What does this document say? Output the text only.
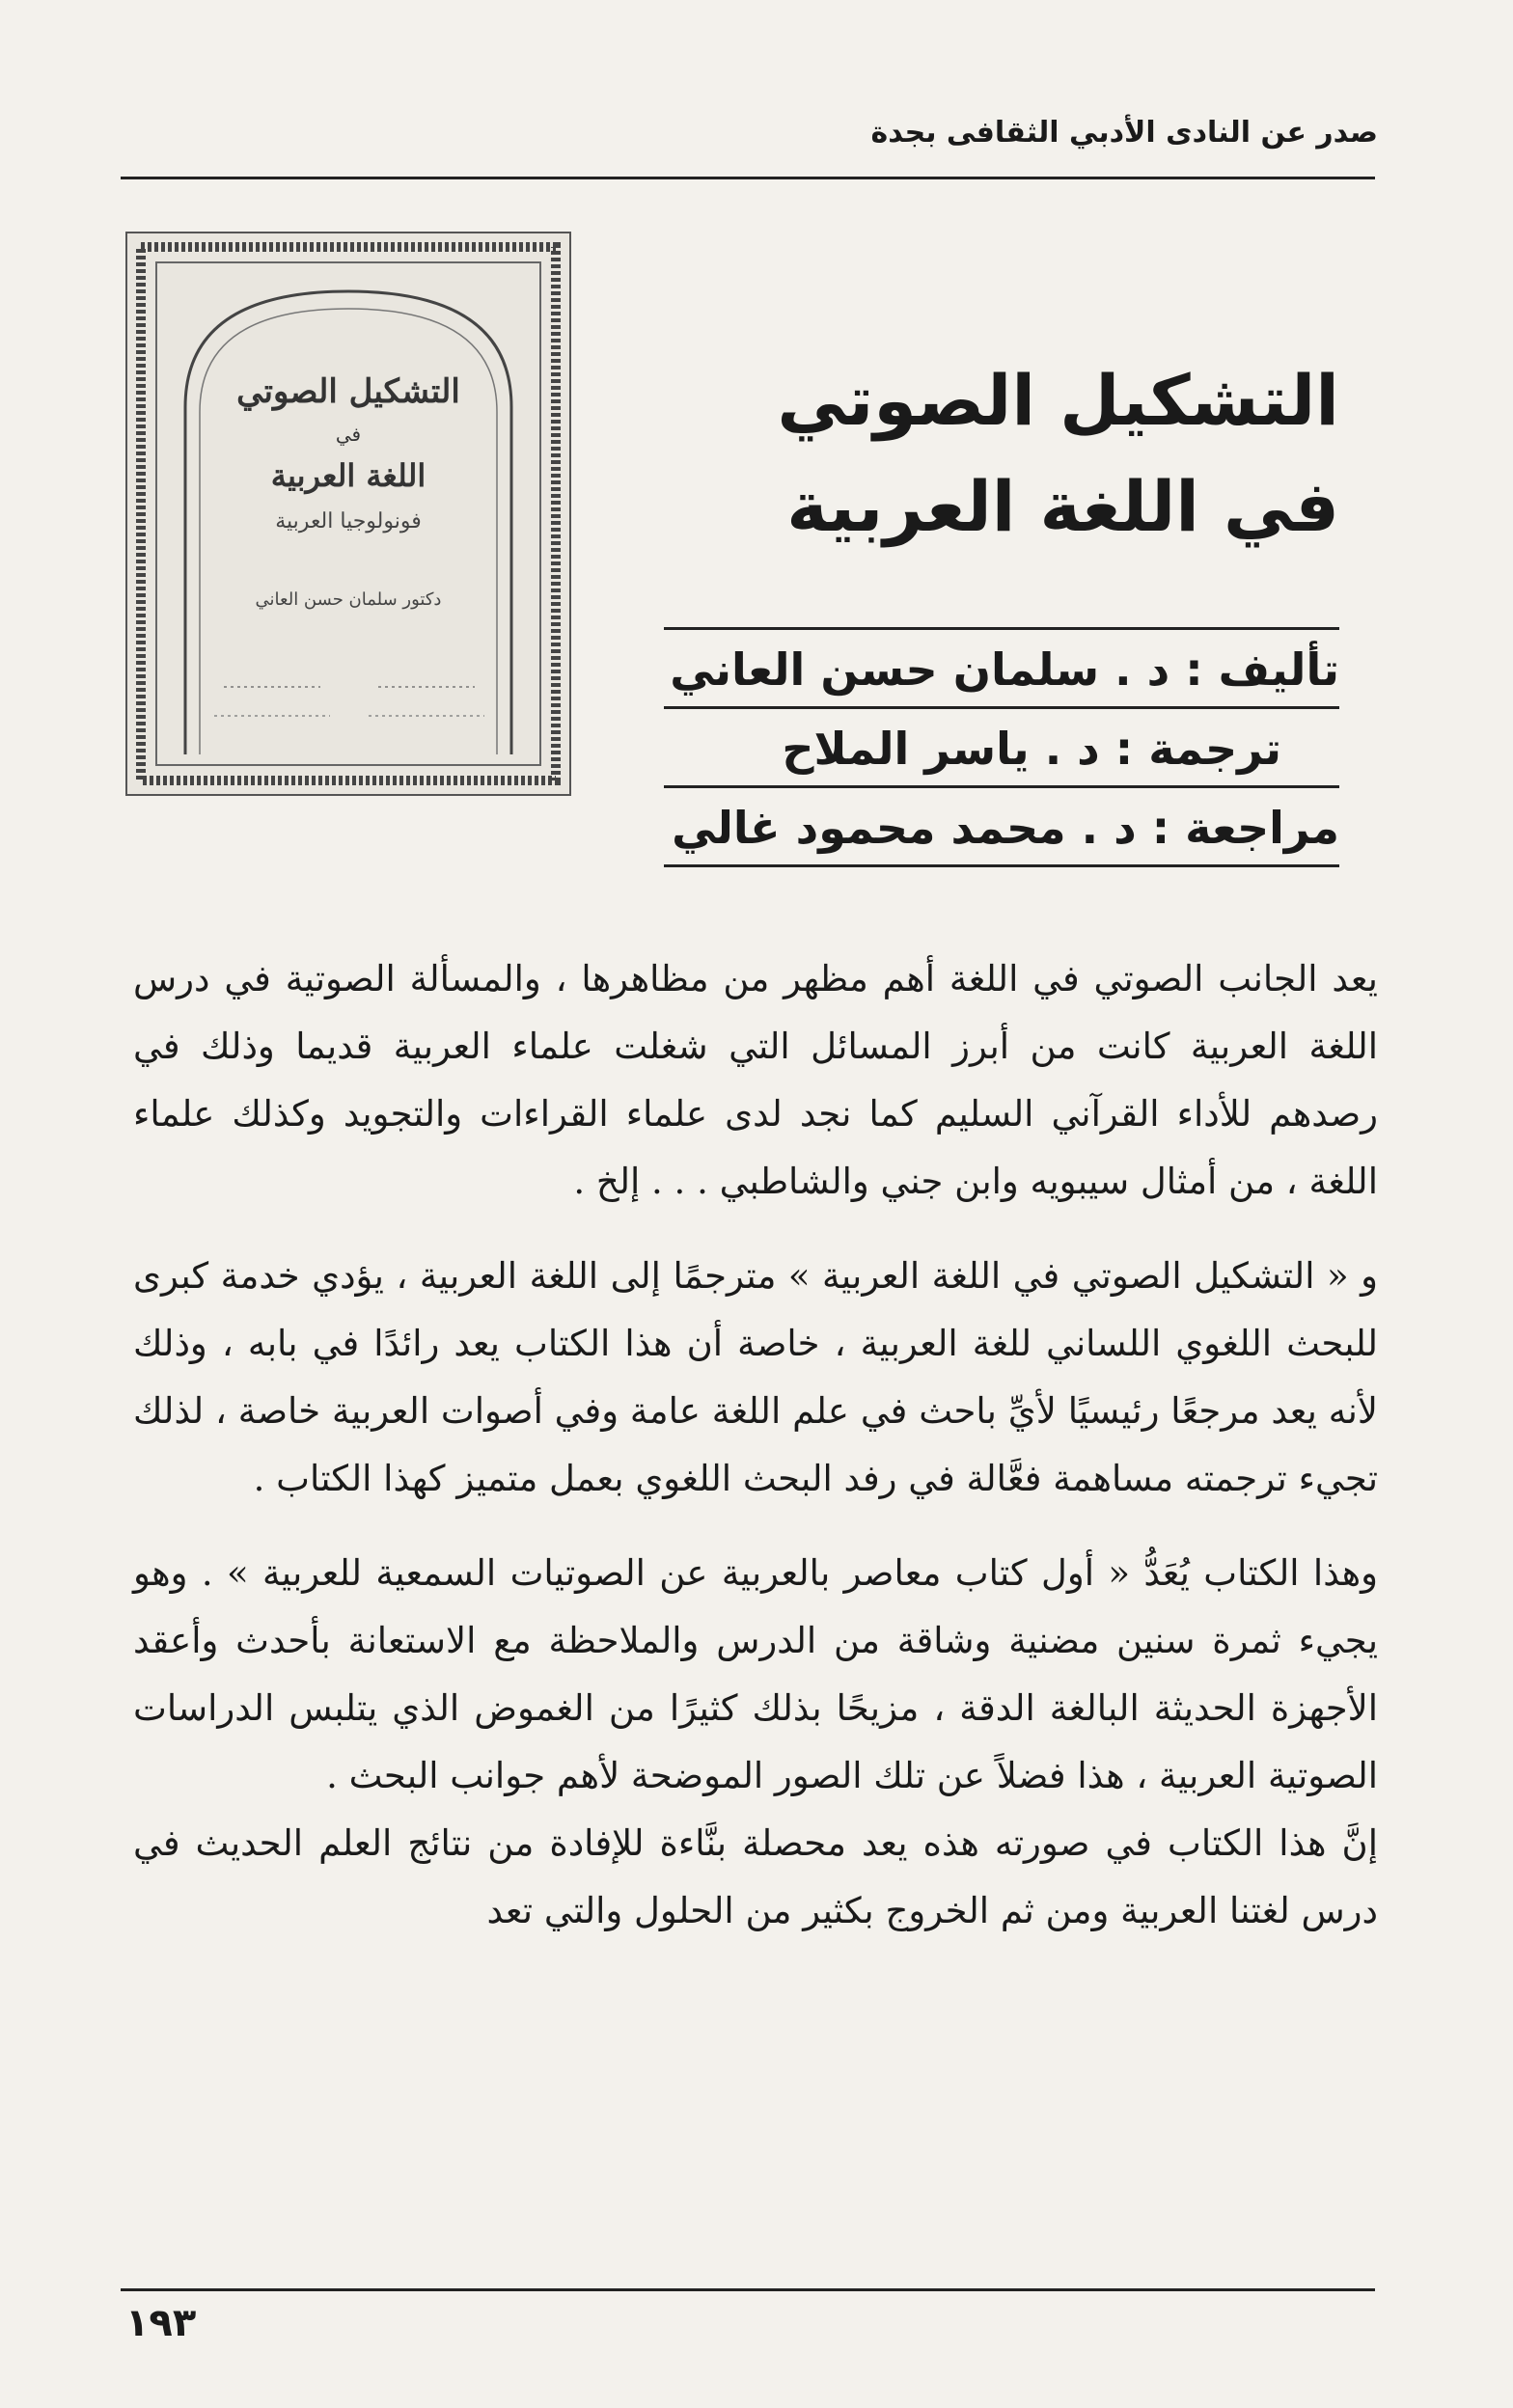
صدر عن النادى الأدبي الثقافى بجدة
التشكيل الصوتي
في
اللغة العربية
فونولوجيا العربية
دكتور سلمان حسن العاني
التشكيل الصوتي
في اللغة العربية
تأليف : د . سلمان حسن العاني
ترجمة : د . ياسر الملاح
مراجعة : د . محمد محمود غالي

يعد الجانب الصوتي في اللغة أهم مظهر من مظاهرها ، والمسألة الصوتية في درس اللغة العربية كانت من أبرز المسائل التي شغلت علماء العربية قديما وذلك في رصدهم للأداء القرآني السليم كما نجد لدى علماء القراءات والتجويد وكذلك علماء اللغة ، من أمثال سيبويه وابن جني والشاطبي . . . إلخ .

و « التشكيل الصوتي في اللغة العربية » مترجمًا إلى اللغة العربية ، يؤدي خدمة كبرى للبحث اللغوي اللساني للغة العربية ، خاصة أن هذا الكتاب يعد رائدًا في بابه ، وذلك لأنه يعد مرجعًا رئيسيًا لأيِّ باحث في علم اللغة عامة وفي أصوات العربية خاصة ، لذلك تجيء ترجمته مساهمة فعَّالة في رفد البحث اللغوي بعمل متميز كهذا الكتاب .

وهذا الكتاب يُعَدُّ « أول كتاب معاصر بالعربية عن الصوتيات السمعية للعربية » . وهو يجيء ثمرة سنين مضنية وشاقة من الدرس والملاحظة مع الاستعانة بأحدث وأعقد الأجهزة الحديثة البالغة الدقة ، مزيحًا بذلك كثيرًا من الغموض الذي يتلبس الدراسات الصوتية العربية ، هذا فضلاً عن تلك الصور الموضحة لأهم جوانب البحث .

إنَّ هذا الكتاب في صورته هذه يعد محصلة بنَّاءة للإفادة من نتائج العلم الحديث في درس لغتنا العربية ومن ثم الخروج بكثير من الحلول والتي تعد

١٩٣
